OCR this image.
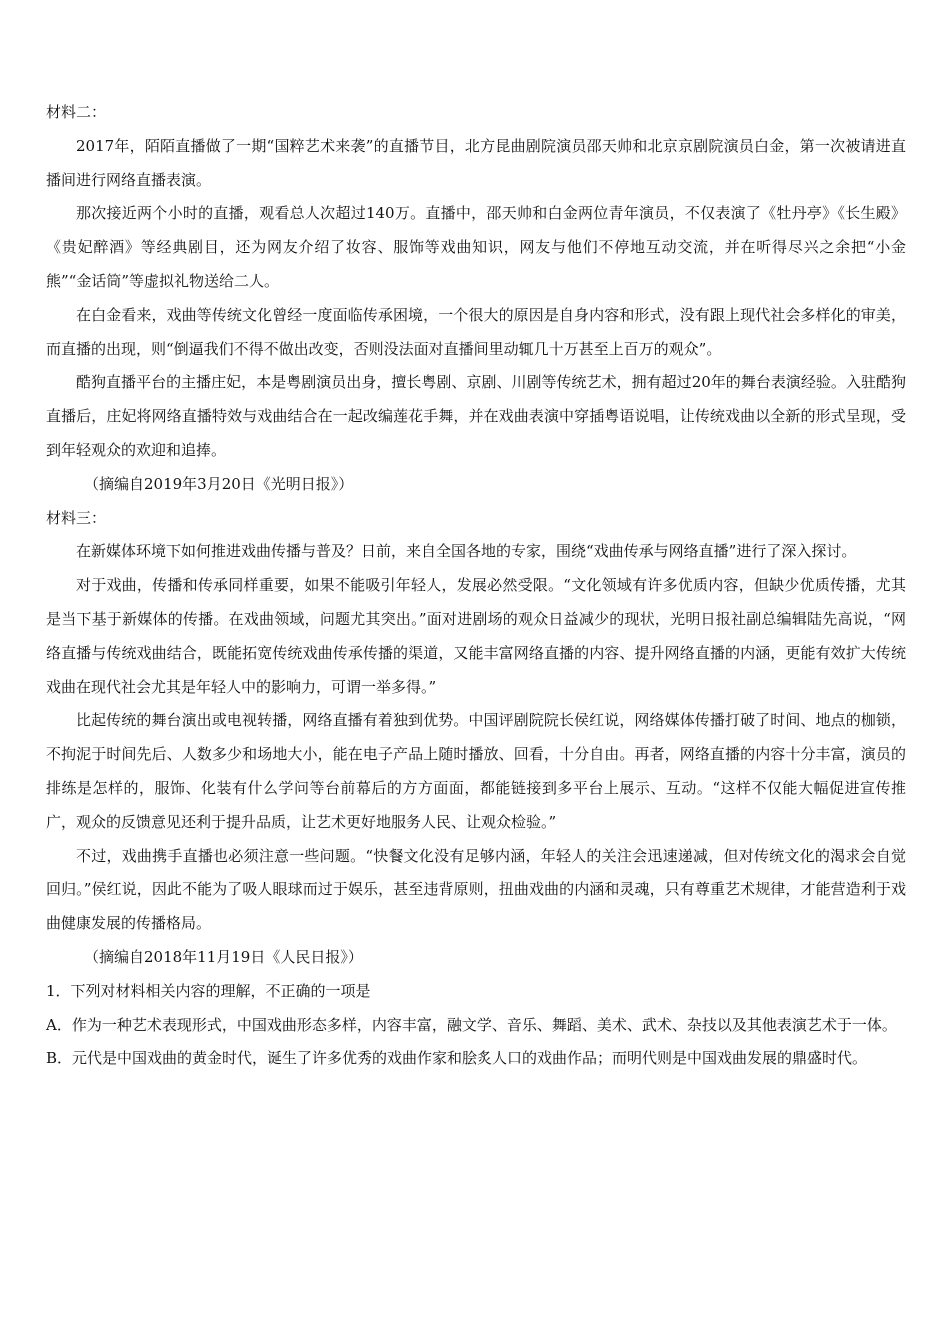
材料二：

2017年，陌陌直播做了一期“国粹艺术来袭”的直播节目，北方昆曲剧院演员邵天帅和北京京剧院演员白金，第一次被请进直播间进行网络直播表演。

那次接近两个小时的直播，观看总人次超过140万。直播中，邵天帅和白金两位青年演员，不仅表演了《牡丹亭》《长生殿》《贵妃醉酒》等经典剧目，还为网友介绍了妆容、服饰等戏曲知识，网友与他们不停地互动交流，并在听得尽兴之余把“小金熊”“金话筒”等虚拟礼物送给二人。

在白金看来，戏曲等传统文化曾经一度面临传承困境，一个很大的原因是自身内容和形式，没有跟上现代社会多样化的审美，而直播的出现，则“倒逼我们不得不做出改变，否则没法面对直播间里动辄几十万甚至上百万的观众”。

酷狗直播平台的主播庄妃，本是粤剧演员出身，擅长粤剧、京剧、川剧等传统艺术，拥有超过20年的舞台表演经验。入驻酷狗直播后，庄妃将网络直播特效与戏曲结合在一起改编莲花手舞，并在戏曲表演中穿插粤语说唱，让传统戏曲以全新的形式呈现，受到年轻观众的欢迎和追捧。

（摘编自2019年3月20日《光明日报》）

材料三：

在新媒体环境下如何推进戏曲传播与普及？日前，来自全国各地的专家，围绕“戏曲传承与网络直播”进行了深入探讨。

对于戏曲，传播和传承同样重要，如果不能吸引年轻人，发展必然受限。“文化领域有许多优质内容，但缺少优质传播，尤其是当下基于新媒体的传播。在戏曲领域，问题尤其突出。”面对进剧场的观众日益减少的现状，光明日报社副总编辑陆先高说，“网络直播与传统戏曲结合，既能拓宽传统戏曲传承传播的渠道，又能丰富网络直播的内容、提升网络直播的内涵，更能有效扩大传统戏曲在现代社会尤其是年轻人中的影响力，可谓一举多得。”

比起传统的舞台演出或电视转播，网络直播有着独到优势。中国评剧院院长侯红说，网络媒体传播打破了时间、地点的枷锁，不拘泥于时间先后、人数多少和场地大小，能在电子产品上随时播放、回看，十分自由。再者，网络直播的内容十分丰富，演员的排练是怎样的，服饰、化装有什么学问等台前幕后的方方面面，都能链接到多平台上展示、互动。“这样不仅能大幅促进宣传推广，观众的反馈意见还利于提升品质，让艺术更好地服务人民、让观众检验。”

不过，戏曲携手直播也必须注意一些问题。“快餐文化没有足够内涵，年轻人的关注会迅速递减，但对传统文化的渴求会自觉回归。”侯红说，因此不能为了吸人眼球而过于娱乐，甚至违背原则，扭曲戏曲的内涵和灵魂，只有尊重艺术规律，才能营造利于戏曲健康发展的传播格局。

（摘编自2018年11月19日《人民日报》）

1．下列对材料相关内容的理解，不正确的一项是

A．作为一种艺术表现形式，中国戏曲形态多样，内容丰富，融文学、音乐、舞蹈、美术、武术、杂技以及其他表演艺术于一体。

B．元代是中国戏曲的黄金时代，诞生了许多优秀的戏曲作家和脍炙人口的戏曲作品；而明代则是中国戏曲发展的鼎盛时代。
